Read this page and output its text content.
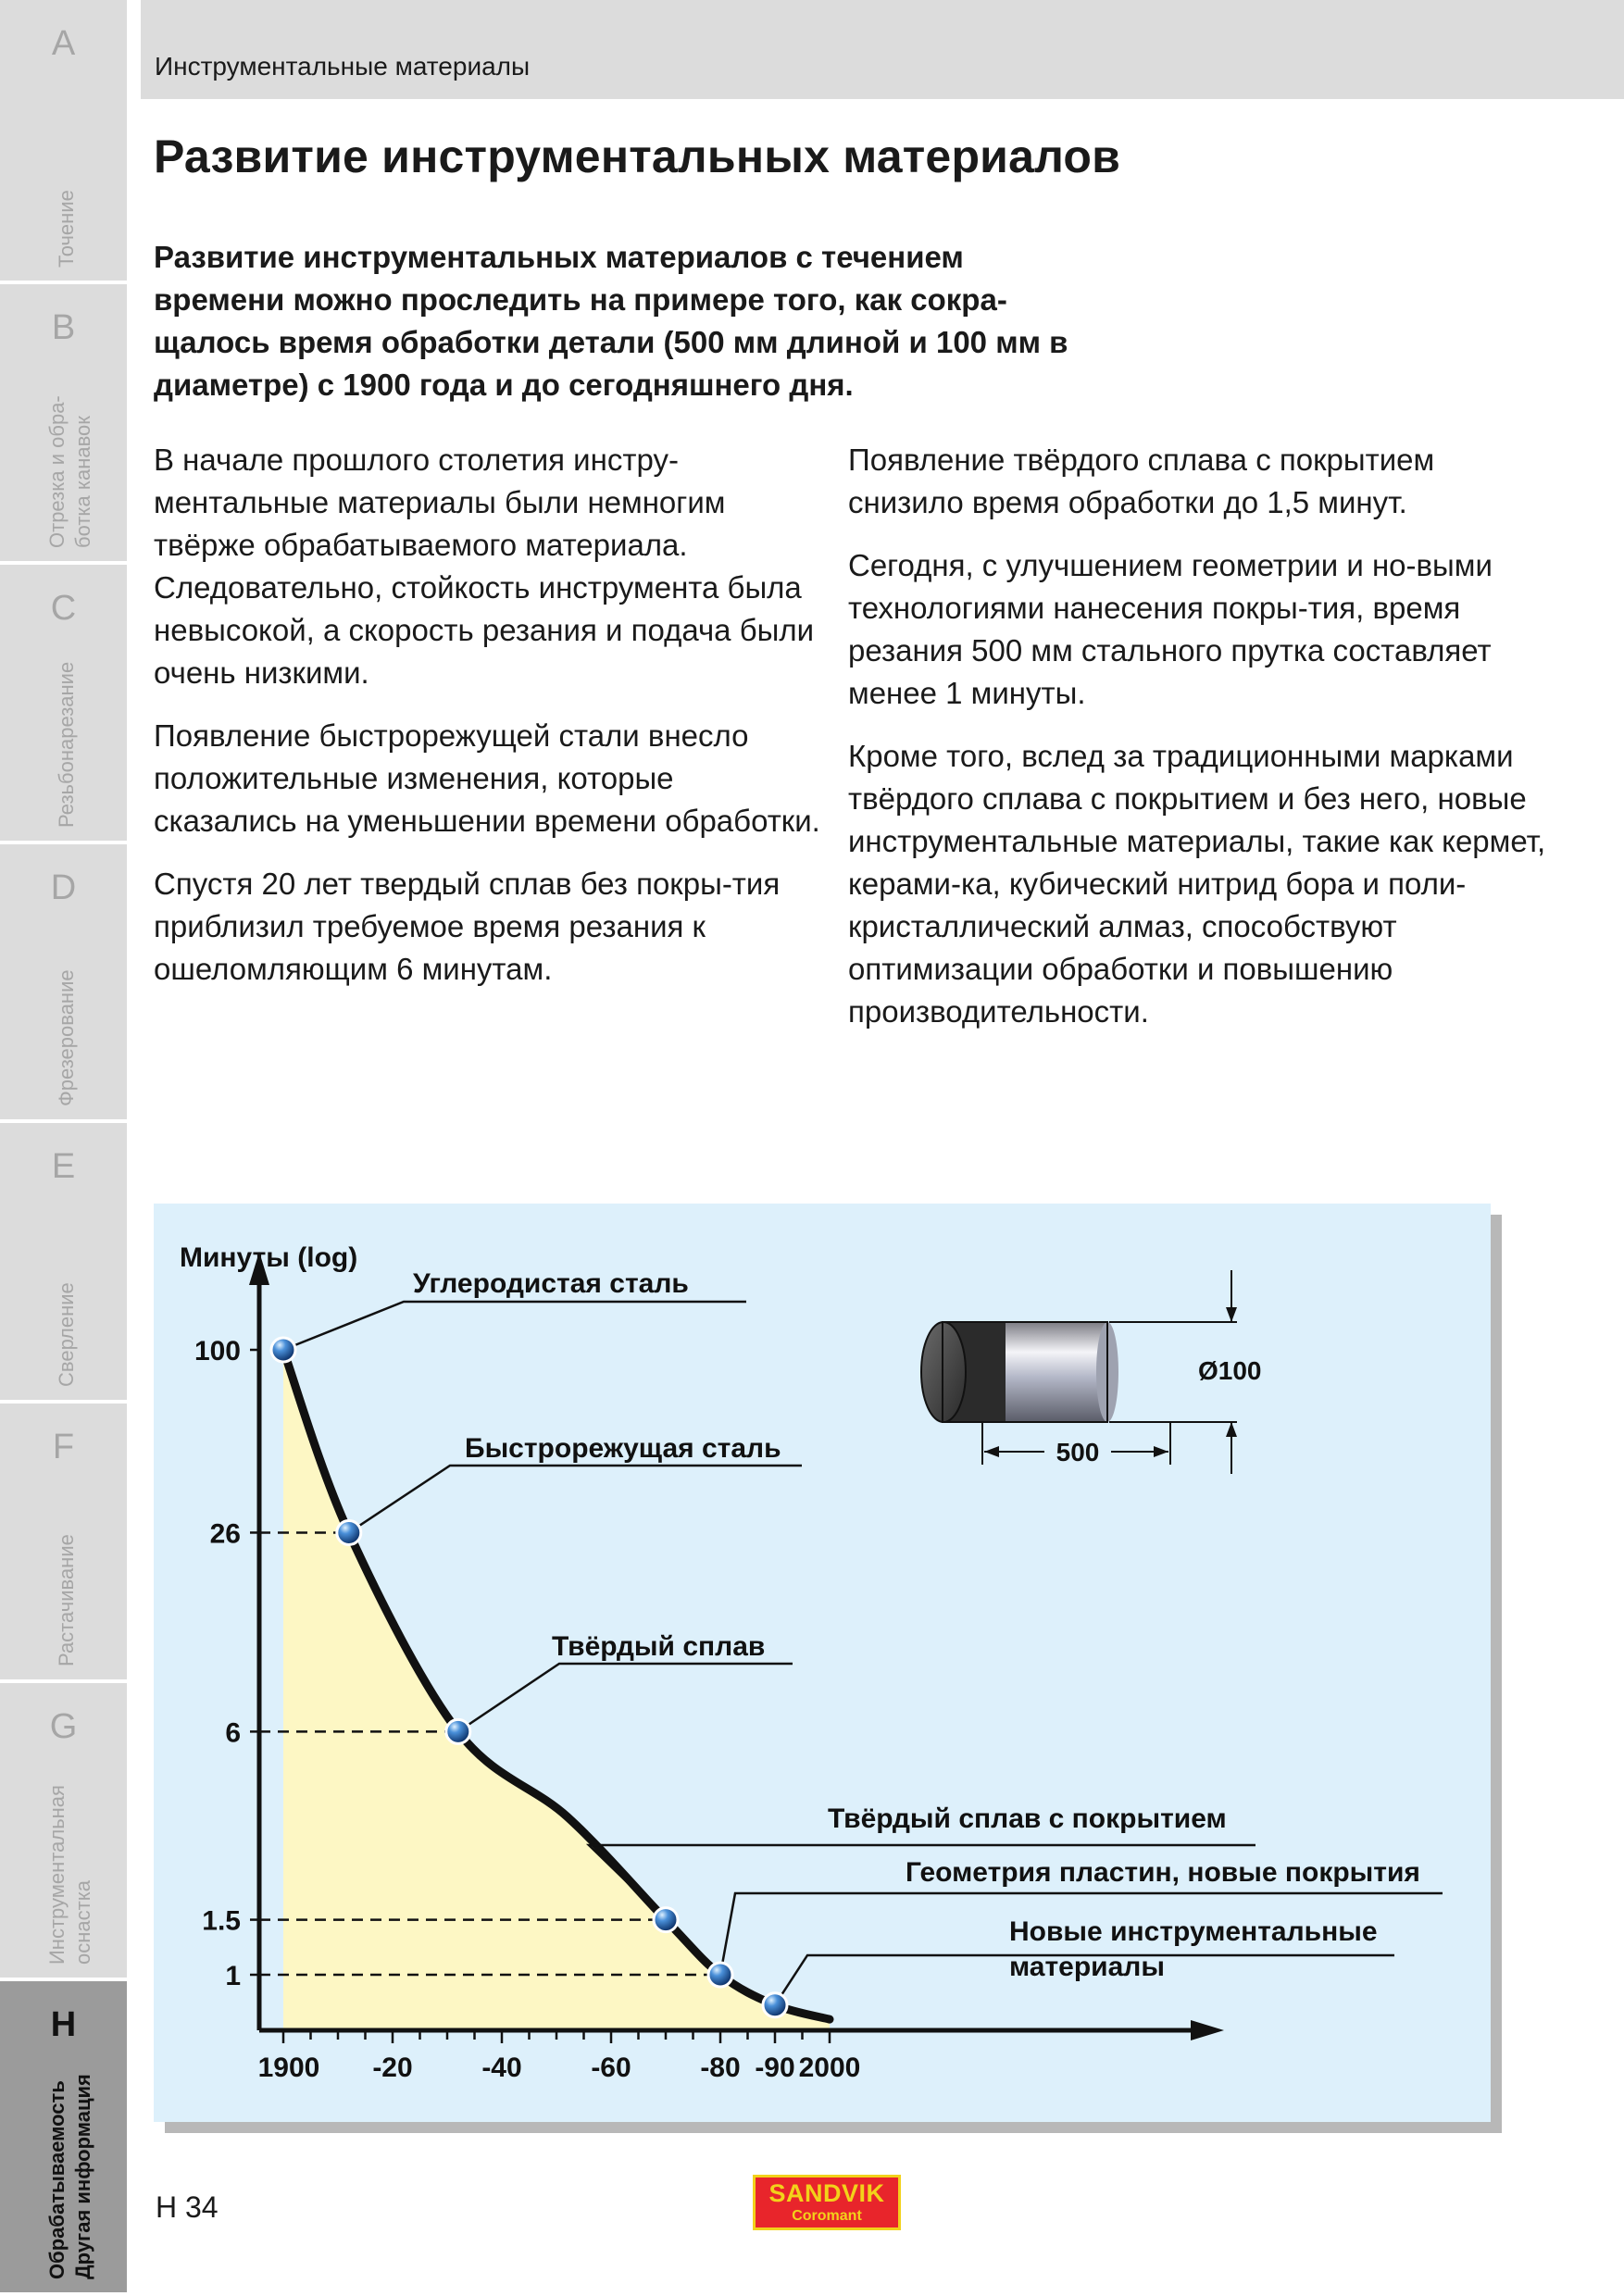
A
Точение
B
Отрезка и обра- ботка канавок
C
Резьбонарезание
D
Фрезерование
E
Сверление
F
Растачивание
G
Инструментальная оснастка
H
Обрабатываемость Другая информация
Инструментальные материалы
Развитие инструментальных материалов

Развитие инструментальных материалов с течением времени можно проследить на примере того, как сокра-щалось время обработки детали (500 мм длиной и 100 мм в диаметре) с 1900 года и до сегодняшнего дня.

В начале прошлого столетия инстру-ментальные материалы были немногим твёрже обрабатываемого материала. Следовательно, стойкость инструмента была невысокой, а скорость резания и подача были очень низкими.

Появление быстрорежущей стали внесло положительные изменения, которые сказались на уменьшении времени обработки.

Спустя 20 лет твердый сплав без покры-тия приблизил требуемое время резания к ошеломляющим 6 минутам.

Появление твёрдого сплава с покрытием снизило время обработки до 1,5 минут.

Сегодня, с улучшением геометрии и но-выми технологиями нанесения покры-тия, время резания 500 мм стального прутка составляет менее 1 минуты.

Кроме того, вслед за традиционными марками твёрдого сплава с покрытием и без него, новые инструментальные материалы, такие как кермет, керами-ка, кубический нитрид бора и поли-кристаллический алмаз, способствуют оптимизации обработки и повышению производительности.

1900 -20 -40 -60 -80 -90 2000
100
26
6
1.5
1
Минуты (log)
Углеродистая сталь
Быстрорежущая сталь
Твёрдый сплав
Твёрдый сплав с покрытием
Геометрия пластин, новые покрытия
Новые инструментальные материалы
Ø100
500
H 34	SANDVIK
Coromant
